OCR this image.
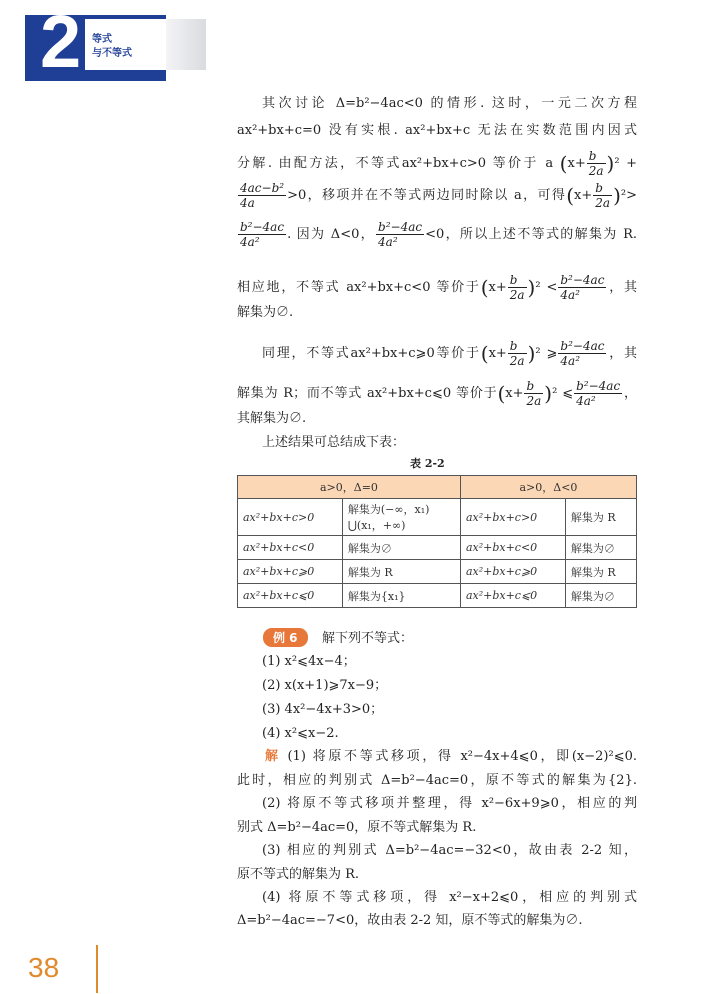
2 等式
与不等式
其次讨论 Δ=b²−4ac<0 的情形. 这时，一元二次方程
ax²+bx+c=0 没有实根. ax²+bx+c 无法在实数范围内因式
分解. 由配方法，不等式ax²+bx+c>0 等价于 a $(x+ \frac{b}{2a} )^2$ +
$\frac{\text{4ac−b²}}{4a} >0$，移项并在不等式两边同时除以 a，可得$(x+ \frac{b}{2a} )^2>$
$\frac{\text{b²−4ac}}{\text{4a²}}$ . 因为 Δ<0， $\frac{\text{b²−4ac}}{\text{4a²}} <0$，所以上述不等式的解集为 R.
相应地，不等式 ax²+bx+c<0 等价于$(x+ \frac{b}{2a} )^2 < \frac{\text{b²−4ac}}{\text{4a²}}$ ，其
解集为∅.
同理，不等式ax²+bx+c⩾0等价于$(x+ \frac{b}{2a} )^2$ ⩾ $\frac{\text{b²−4ac}}{\text{4a²}}$ ，其
解集为 R；而不等式 ax²+bx+c⩽0 等价于$(x+ \frac{b}{2a} )^2$ ⩽ $\frac{\text{b²−4ac}}{\text{4a²}}$ ，
其解集为∅.
上述结果可总结成下表：
表 2-2
a>0，Δ=0		a>0，Δ<0	
ax²+bx+c>0	解集为(−∞，x₁)
⋃(x₁，+∞)	ax²+bx+c>0	解集为 R
ax²+bx+c<0	解集为∅	ax²+bx+c<0	解集为∅
ax²+bx+c⩾0	解集为 R	ax²+bx+c⩾0	解集为 R
ax²+bx+c⩽0	解集为{x₁}	ax²+bx+c⩽0	解集为∅
例 6	解下列不等式：
(1) x²⩽4x−4；
(2) x(x+1)⩾7x−9；
(3) 4x²−4x+3>0；
(4) x²⩽x−2.
解 (1) 将原不等式移项，得 x²−4x+4⩽0，即(x−2)²⩽0.
此时，相应的判别式 Δ=b²−4ac=0，原不等式的解集为{2}.
(2) 将原不等式移项并整理，得 x²−6x+9⩾0，相应的判
别式 Δ=b²−4ac=0，原不等式解集为 R.
(3) 相应的判别式 Δ=b²−4ac=−32<0，故由表 2-2 知，
原不等式的解集为 R.
(4) 将原不等式移项，得 x²−x+2⩽0，相应的判别式
Δ=b²−4ac=−7<0，故由表 2-2 知，原不等式的解集为∅.
38
